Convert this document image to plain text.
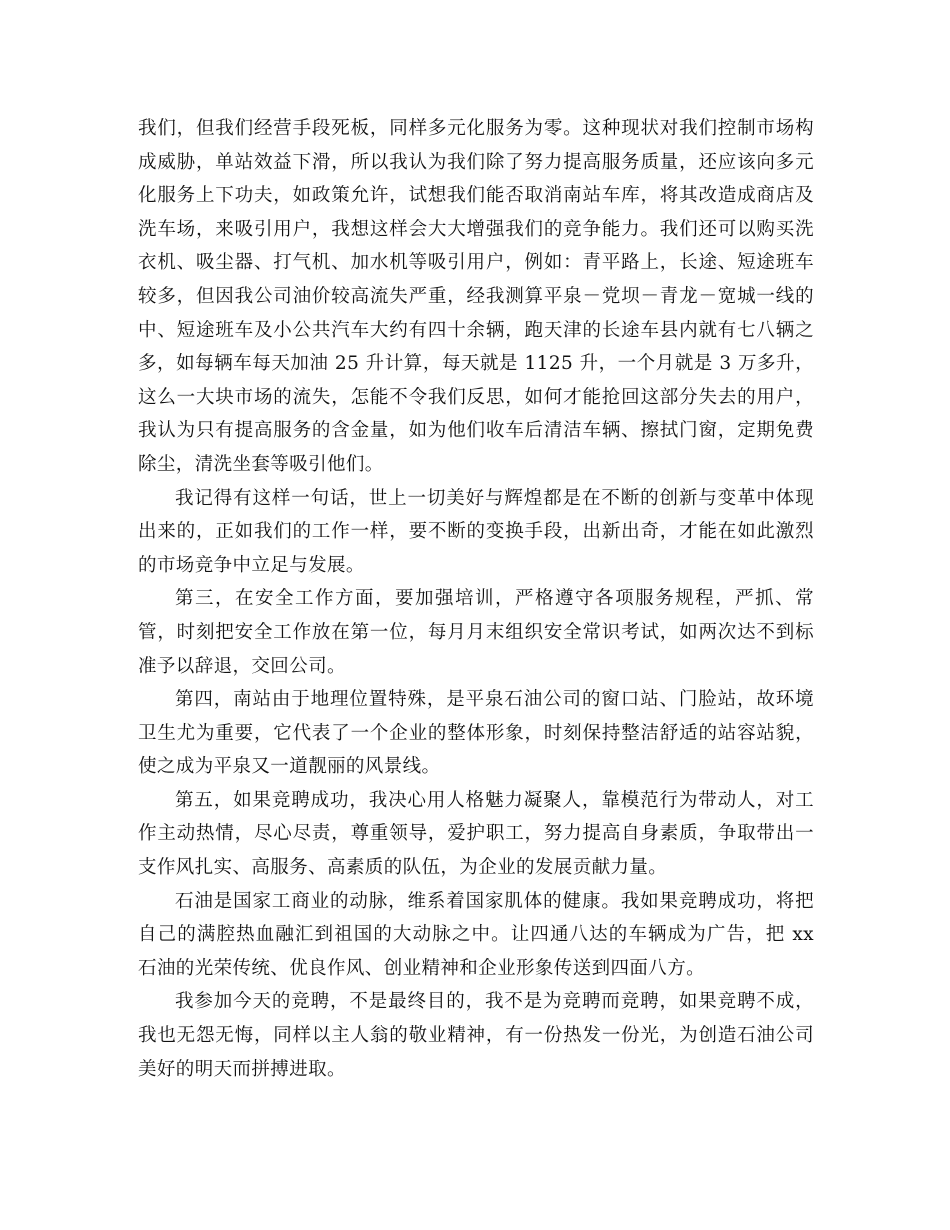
我们，但我们经营手段死板，同样多元化服务为零。这种现状对我们控制市场构成威胁，单站效益下滑，所以我认为我们除了努力提高服务质量，还应该向多元化服务上下功夫，如政策允许，试想我们能否取消南站车库，将其改造成商店及洗车场，来吸引用户，我想这样会大大增强我们的竞争能力。我们还可以购买洗衣机、吸尘器、打气机、加水机等吸引用户，例如：青平路上，长途、短途班车较多，但因我公司油价较高流失严重，经我测算平泉－党坝－青龙－宽城一线的中、短途班车及小公共汽车大约有四十余辆，跑天津的长途车县内就有七八辆之多，如每辆车每天加油 25 升计算，每天就是 1125 升，一个月就是 3 万多升，这么一大块市场的流失，怎能不令我们反思，如何才能抢回这部分失去的用户，我认为只有提高服务的含金量，如为他们收车后清洁车辆、擦拭门窗，定期免费除尘，清洗坐套等吸引他们。

我记得有这样一句话，世上一切美好与辉煌都是在不断的创新与变革中体现出来的，正如我们的工作一样，要不断的变换手段，出新出奇，才能在如此激烈的市场竞争中立足与发展。

第三，在安全工作方面，要加强培训，严格遵守各项服务规程，严抓、常管，时刻把安全工作放在第一位，每月月末组织安全常识考试，如两次达不到标准予以辞退，交回公司。

第四，南站由于地理位置特殊，是平泉石油公司的窗口站、门脸站，故环境卫生尤为重要，它代表了一个企业的整体形象，时刻保持整洁舒适的站容站貌，使之成为平泉又一道靓丽的风景线。

第五，如果竞聘成功，我决心用人格魅力凝聚人，靠模范行为带动人，对工作主动热情，尽心尽责，尊重领导，爱护职工，努力提高自身素质，争取带出一支作风扎实、高服务、高素质的队伍，为企业的发展贡献力量。

石油是国家工商业的动脉，维系着国家肌体的健康。我如果竞聘成功，将把自己的满腔热血融汇到祖国的大动脉之中。让四通八达的车辆成为广告，把 xx 石油的光荣传统、优良作风、创业精神和企业形象传送到四面八方。

我参加今天的竞聘，不是最终目的，我不是为竞聘而竞聘，如果竞聘不成，我也无怨无悔，同样以主人翁的敬业精神，有一份热发一份光，为创造石油公司美好的明天而拼搏进取。
